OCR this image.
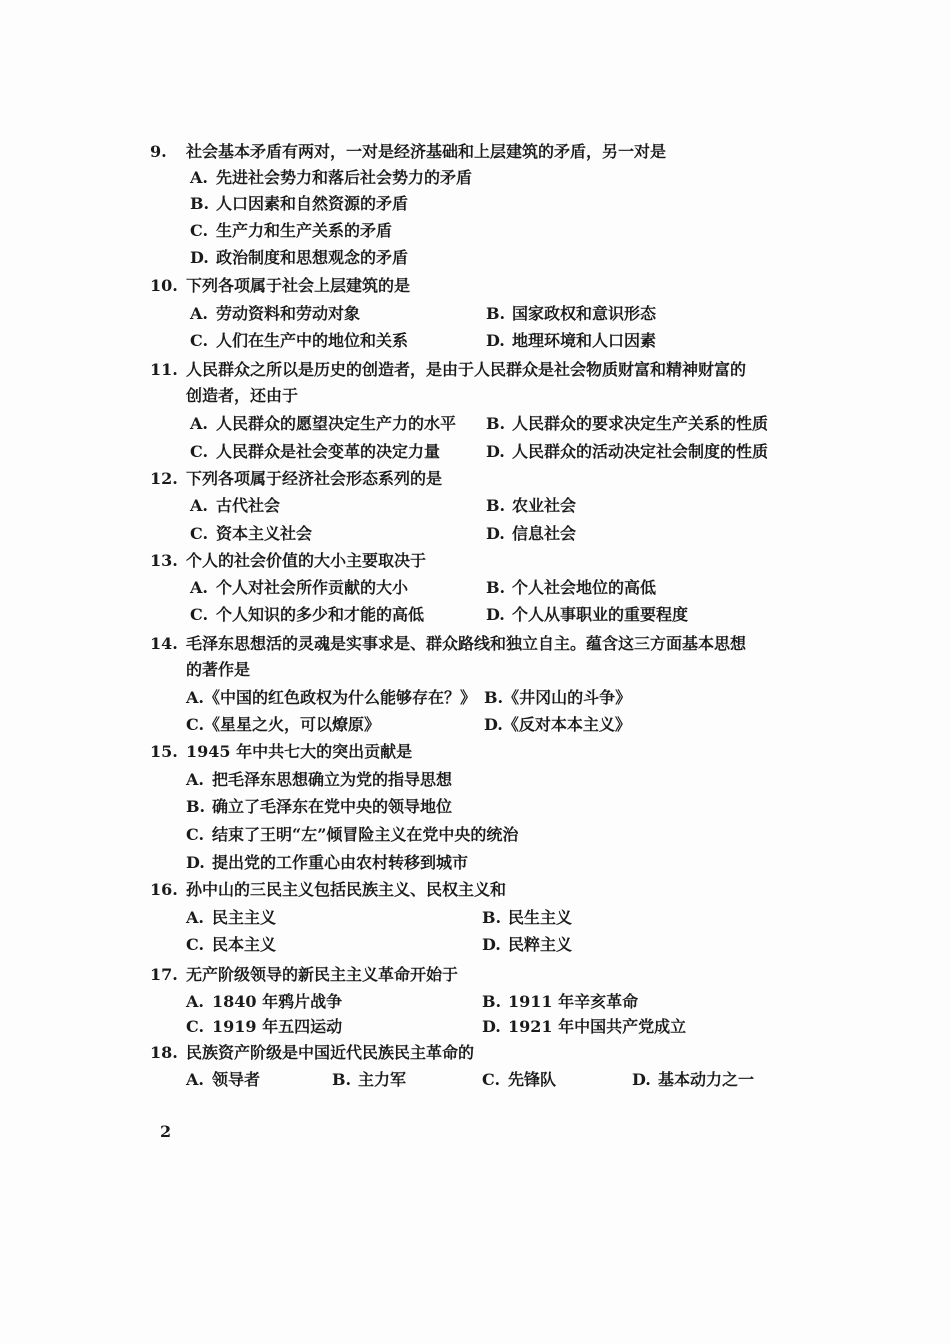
9. 社会基本矛盾有两对，一对是经济基础和上层建筑的矛盾，另一对是
A. 先进社会势力和落后社会势力的矛盾
B. 人口因素和自然资源的矛盾
C. 生产力和生产关系的矛盾
D. 政治制度和思想观念的矛盾
10. 下列各项属于社会上层建筑的是
A. 劳动资料和劳动对象	B. 国家政权和意识形态
C. 人们在生产中的地位和关系	D. 地理环境和人口因素
11. 人民群众之所以是历史的创造者，是由于人民群众是社会物质财富和精神财富的
创造者，还由于
A. 人民群众的愿望决定生产力的水平 B. 人民群众的要求决定生产关系的性质
C. 人民群众是社会变革的决定力量	D. 人民群众的活动决定社会制度的性质
12. 下列各项属于经济社会形态系列的是
A. 古代社会	B. 农业社会
C. 资本主义社会	D. 信息社会
13. 个人的社会价值的大小主要取决于
A. 个人对社会所作贡献的大小	B. 个人社会地位的高低
C. 个人知识的多少和才能的高低	D. 个人从事职业的重要程度
14. 毛泽东思想活的灵魂是实事求是、群众路线和独立自主。蕴含这三方面基本思想
的著作是
A.《中国的红色政权为什么能够存在？》 B.《井冈山的斗争》
C.《星星之火，可以燎原》	D.《反对本本主义》
15. 1945 年中共七大的突出贡献是
A. 把毛泽东思想确立为党的指导思想
B. 确立了毛泽东在党中央的领导地位
C. 结束了王明“左”倾冒险主义在党中央的统治
D. 提出党的工作重心由农村转移到城市
16. 孙中山的三民主义包括民族主义、民权主义和
A. 民主主义	B. 民生主义
C. 民本主义	D. 民粹主义
17. 无产阶级领导的新民主主义革命开始于
A. 1840 年鸦片战争	B. 1911 年辛亥革命
C. 1919 年五四运动	D. 1921 年中国共产党成立
18. 民族资产阶级是中国近代民族民主革命的
A. 领导者	B. 主力军	C. 先锋队	D. 基本动力之一
2
